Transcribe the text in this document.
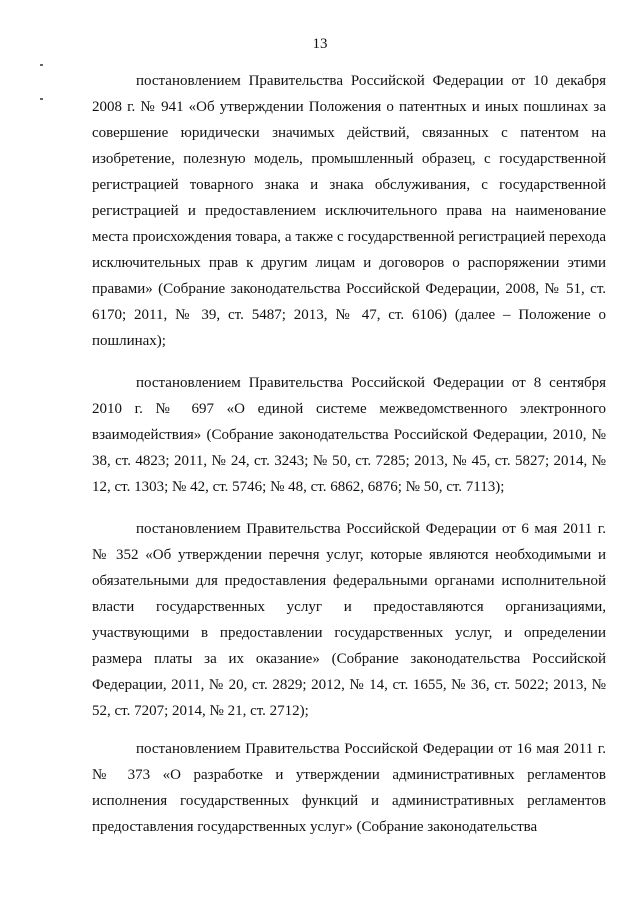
13

постановлением Правительства Российской Федерации от 10 декабря 2008 г. № 941 «Об утверждении Положения о патентных и иных пошлинах за совершение юридически значимых действий, связанных с патентом на изобретение, полезную модель, промышленный образец, с государственной регистрацией товарного знака и знака обслуживания, с государственной регистрацией и предоставлением исключительного права на наименование места происхождения товара, а также с государственной регистрацией перехода исключительных прав к другим лицам и договоров о распоряжении этими правами» (Собрание законодательства Российской Федерации, 2008, № 51, ст. 6170; 2011, № 39, ст. 5487; 2013, № 47, ст. 6106) (далее – Положение о пошлинах);

постановлением Правительства Российской Федерации от 8 сентября 2010 г. № 697 «О единой системе межведомственного электронного взаимодействия» (Собрание законодательства Российской Федерации, 2010, № 38, ст. 4823; 2011, № 24, ст. 3243; № 50, ст. 7285; 2013, № 45, ст. 5827; 2014, № 12, ст. 1303; № 42, ст. 5746; № 48, ст. 6862, 6876; № 50, ст. 7113);

постановлением Правительства Российской Федерации от 6 мая 2011 г. № 352 «Об утверждении перечня услуг, которые являются необходимыми и обязательными для предоставления федеральными органами исполнительной власти государственных услуг и предоставляются организациями, участвующими в предоставлении государственных услуг, и определении размера платы за их оказание» (Собрание законодательства Российской Федерации, 2011, № 20, ст. 2829; 2012, № 14, ст. 1655, № 36, ст. 5022; 2013, № 52, ст. 7207; 2014, № 21, ст. 2712);

постановлением Правительства Российской Федерации от 16 мая 2011 г. № 373 «О разработке и утверждении административных регламентов исполнения государственных функций и административных регламентов предоставления государственных услуг» (Собрание законодательства
